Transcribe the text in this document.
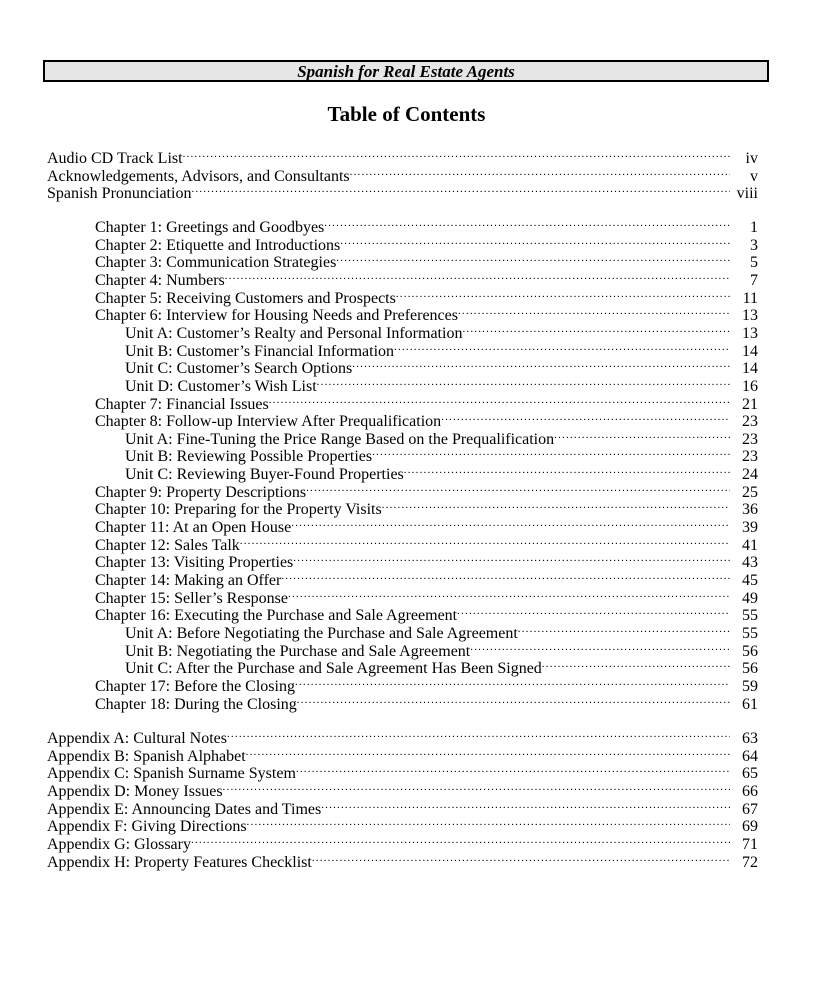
Spanish for Real Estate Agents
Table of Contents
Audio CD Track List .....	iv
Acknowledgements, Advisors, and Consultants .....	v
Spanish Pronunciation .....	viii
Chapter 1: Greetings and Goodbyes .....	1
Chapter 2: Etiquette and Introductions .....	3
Chapter 3: Communication Strategies .....	5
Chapter 4: Numbers .....	7
Chapter 5: Receiving Customers and Prospects .....	11
Chapter 6: Interview for Housing Needs and Preferences .....	13
Unit A: Customer’s Realty and Personal Information .....	13
Unit B: Customer’s Financial Information .....	14
Unit C: Customer’s Search Options .....	14
Unit D: Customer’s Wish List .....	16
Chapter 7: Financial Issues .....	21
Chapter 8: Follow-up Interview After Prequalification .....	23
Unit A: Fine-Tuning the Price Range Based on the Prequalification .....	23
Unit B: Reviewing Possible Properties .....	23
Unit C: Reviewing Buyer-Found Properties .....	24
Chapter 9: Property Descriptions .....	25
Chapter 10: Preparing for the Property Visits .....	36
Chapter 11: At an Open House .....	39
Chapter 12: Sales Talk .....	41
Chapter 13: Visiting Properties .....	43
Chapter 14: Making an Offer .....	45
Chapter 15: Seller’s Response .....	49
Chapter 16: Executing the Purchase and Sale Agreement .....	55
Unit A: Before Negotiating the Purchase and Sale Agreement .....	55
Unit B: Negotiating the Purchase and Sale Agreement .....	56
Unit C: After the Purchase and Sale Agreement Has Been Signed .....	56
Chapter 17: Before the Closing .....	59
Chapter 18: During the Closing .....	61
Appendix A: Cultural Notes .....	63
Appendix B: Spanish Alphabet .....	64
Appendix C: Spanish Surname System .....	65
Appendix D: Money Issues .....	66
Appendix E: Announcing Dates and Times .....	67
Appendix F: Giving Directions .....	69
Appendix G: Glossary .....	71
Appendix H: Property Features Checklist .....	72
